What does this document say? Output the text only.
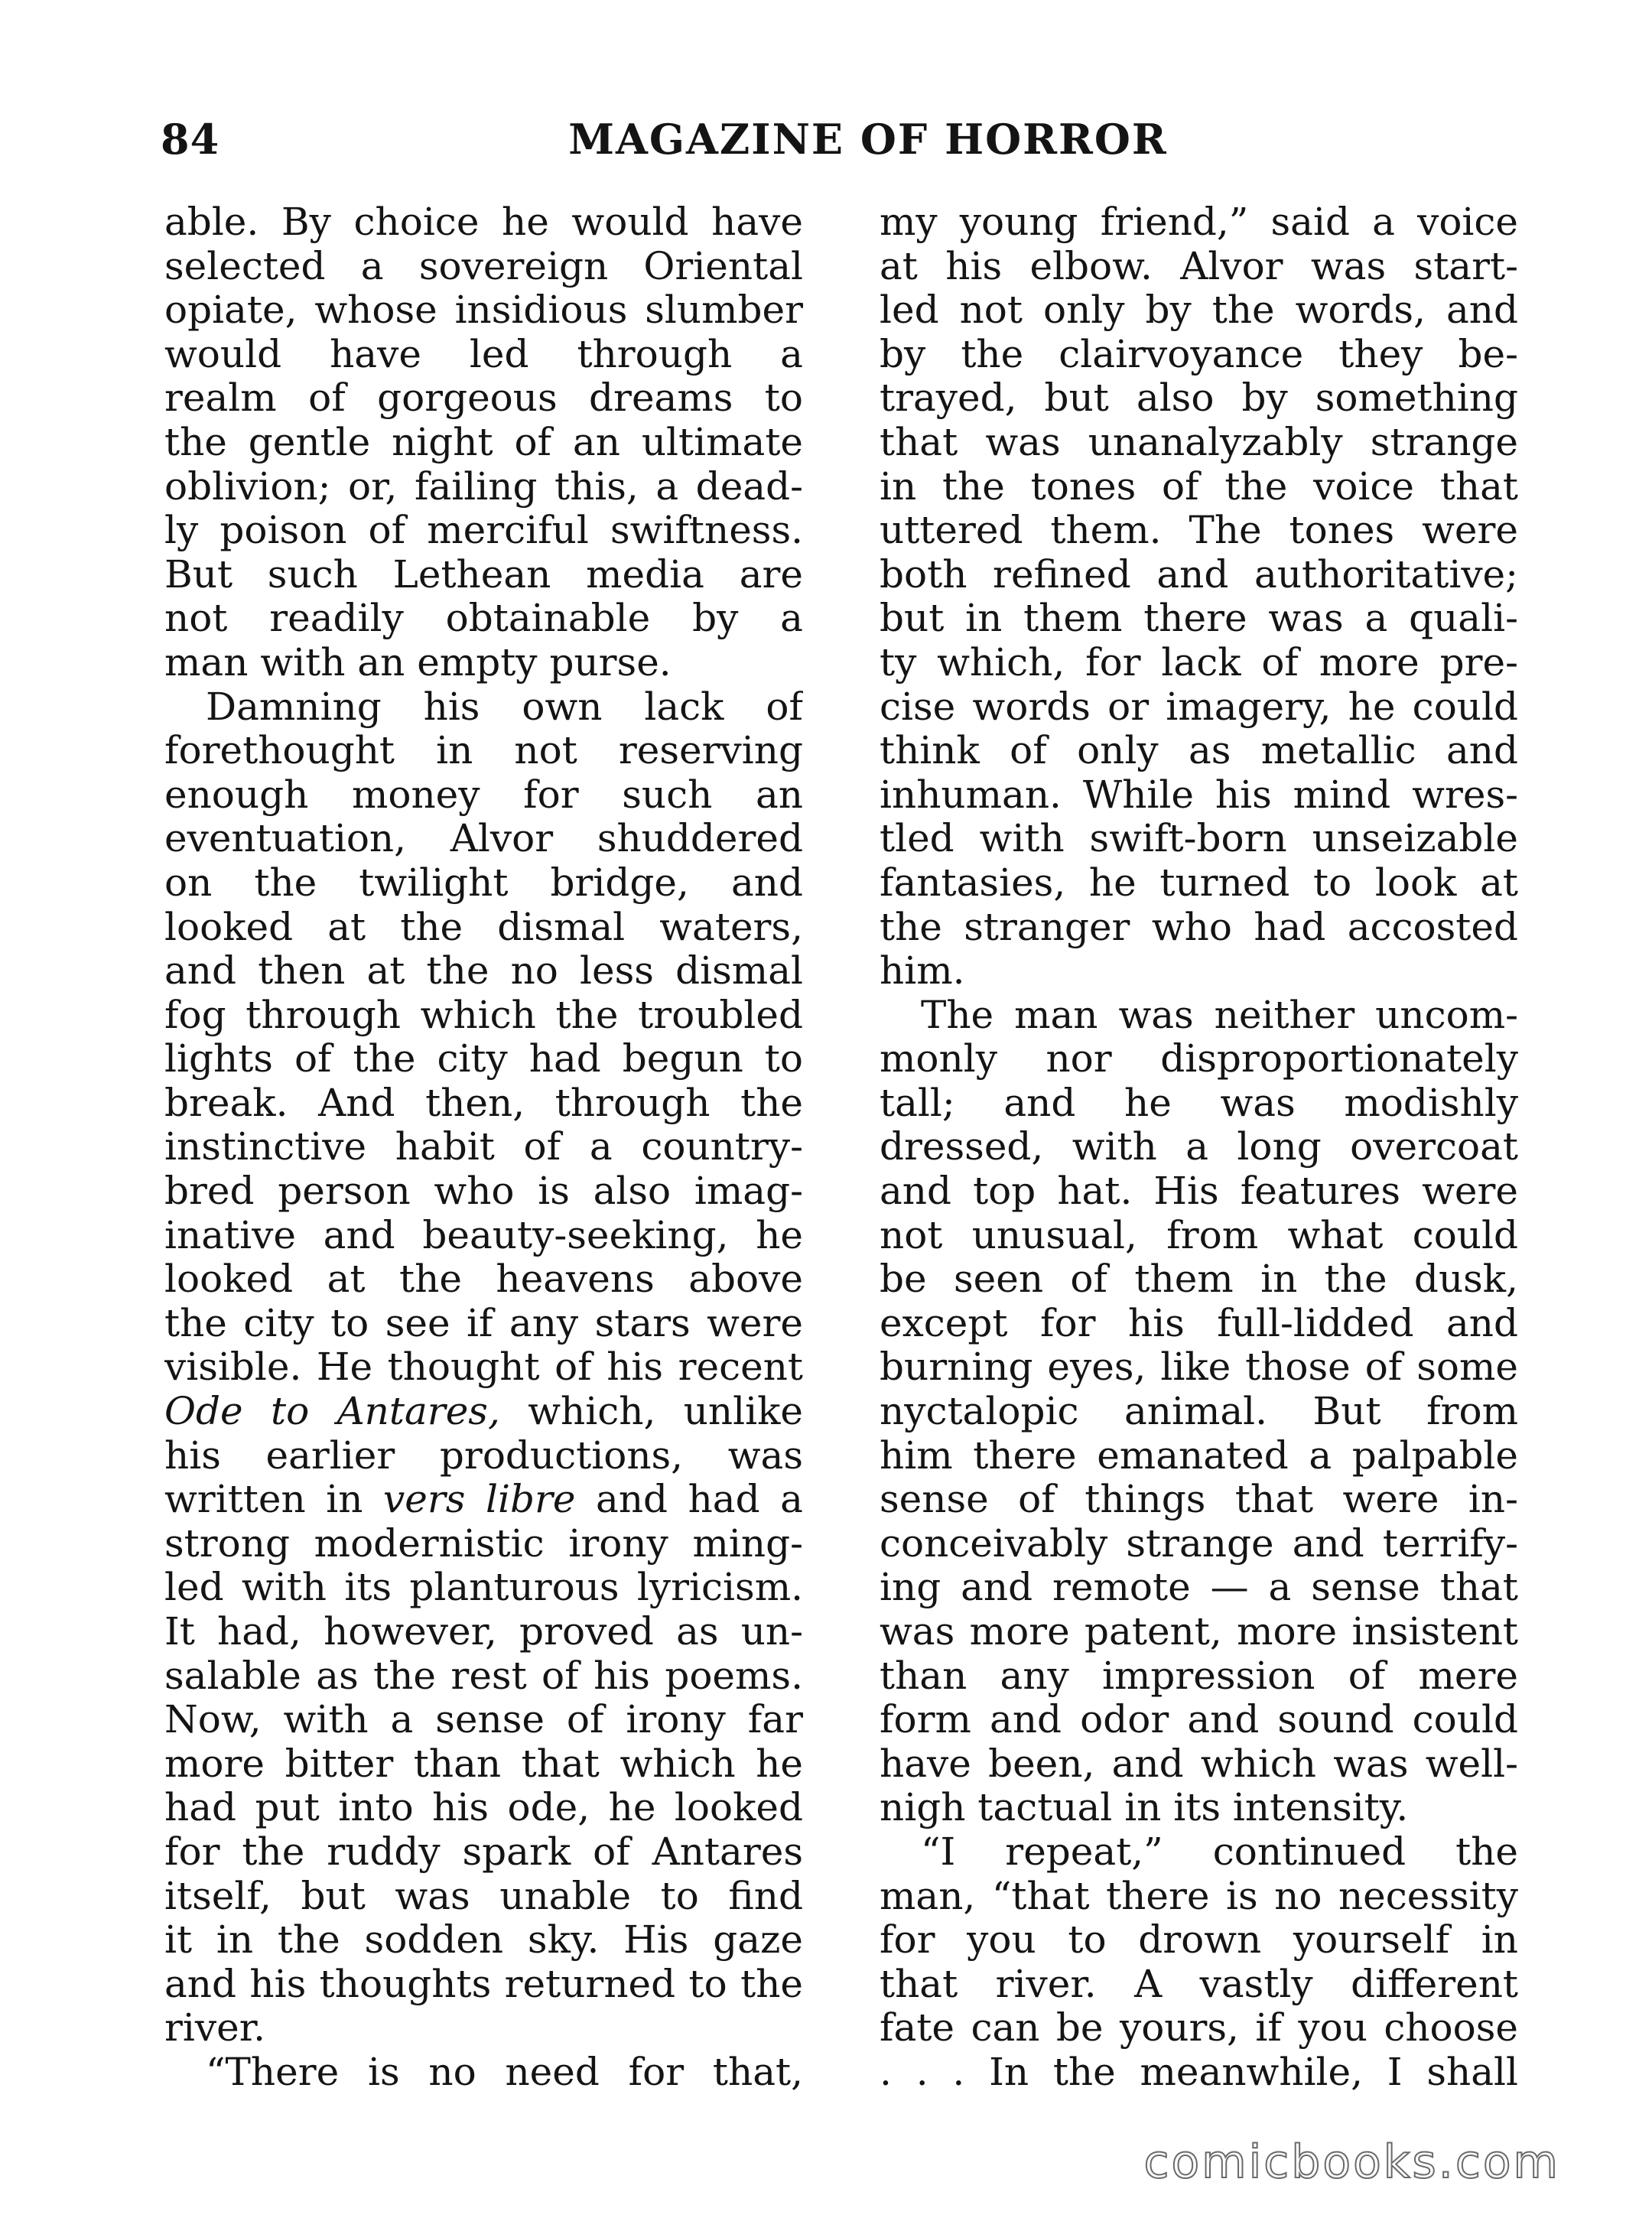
84	MAGAZINE OF HORROR
able. By choice he would have
selected a sovereign Oriental
opiate, whose insidious slumber
would have led through a
realm of gorgeous dreams to
the gentle night of an ultimate
oblivion; or, failing this, a dead-
ly poison of merciful swiftness.
But such Lethean media are
not readily obtainable by a
man with an empty purse.
Damning his own lack of
forethought in not reserving
enough money for such an
eventuation, Alvor shuddered
on the twilight bridge, and
looked at the dismal waters,
and then at the no less dismal
fog through which the troubled
lights of the city had begun to
break. And then, through the
instinctive habit of a country-
bred person who is also imag-
inative and beauty-seeking, he
looked at the heavens above
the city to see if any stars were
visible. He thought of his recent
Ode to Antares, which, unlike
his earlier productions, was
written in vers libre and had a
strong modernistic irony ming-
led with its planturous lyricism.
It had, however, proved as un-
salable as the rest of his poems.
Now, with a sense of irony far
more bitter than that which he
had put into his ode, he looked
for the ruddy spark of Antares
itself, but was unable to find
it in the sodden sky. His gaze
and his thoughts returned to the
river.
“There is no need for that,
my young friend,” said a voice
at his elbow. Alvor was start-
led not only by the words, and
by the clairvoyance they be-
trayed, but also by something
that was unanalyzably strange
in the tones of the voice that
uttered them. The tones were
both refined and authoritative;
but in them there was a quali-
ty which, for lack of more pre-
cise words or imagery, he could
think of only as metallic and
inhuman. While his mind wres-
tled with swift-born unseizable
fantasies, he turned to look at
the stranger who had accosted
him.
The man was neither uncom-
monly nor disproportionately
tall; and he was modishly
dressed, with a long overcoat
and top hat. His features were
not unusual, from what could
be seen of them in the dusk,
except for his full-lidded and
burning eyes, like those of some
nyctalopic animal. But from
him there emanated a palpable
sense of things that were in-
conceivably strange and terrify-
ing and remote — a sense that
was more patent, more insistent
than any impression of mere
form and odor and sound could
have been, and which was well-
nigh tactual in its intensity.
“I repeat,” continued the
man, “that there is no necessity
for you to drown yourself in
that river. A vastly different
fate can be yours, if you choose
. . . In the meanwhile, I shall
comicbooks.com
